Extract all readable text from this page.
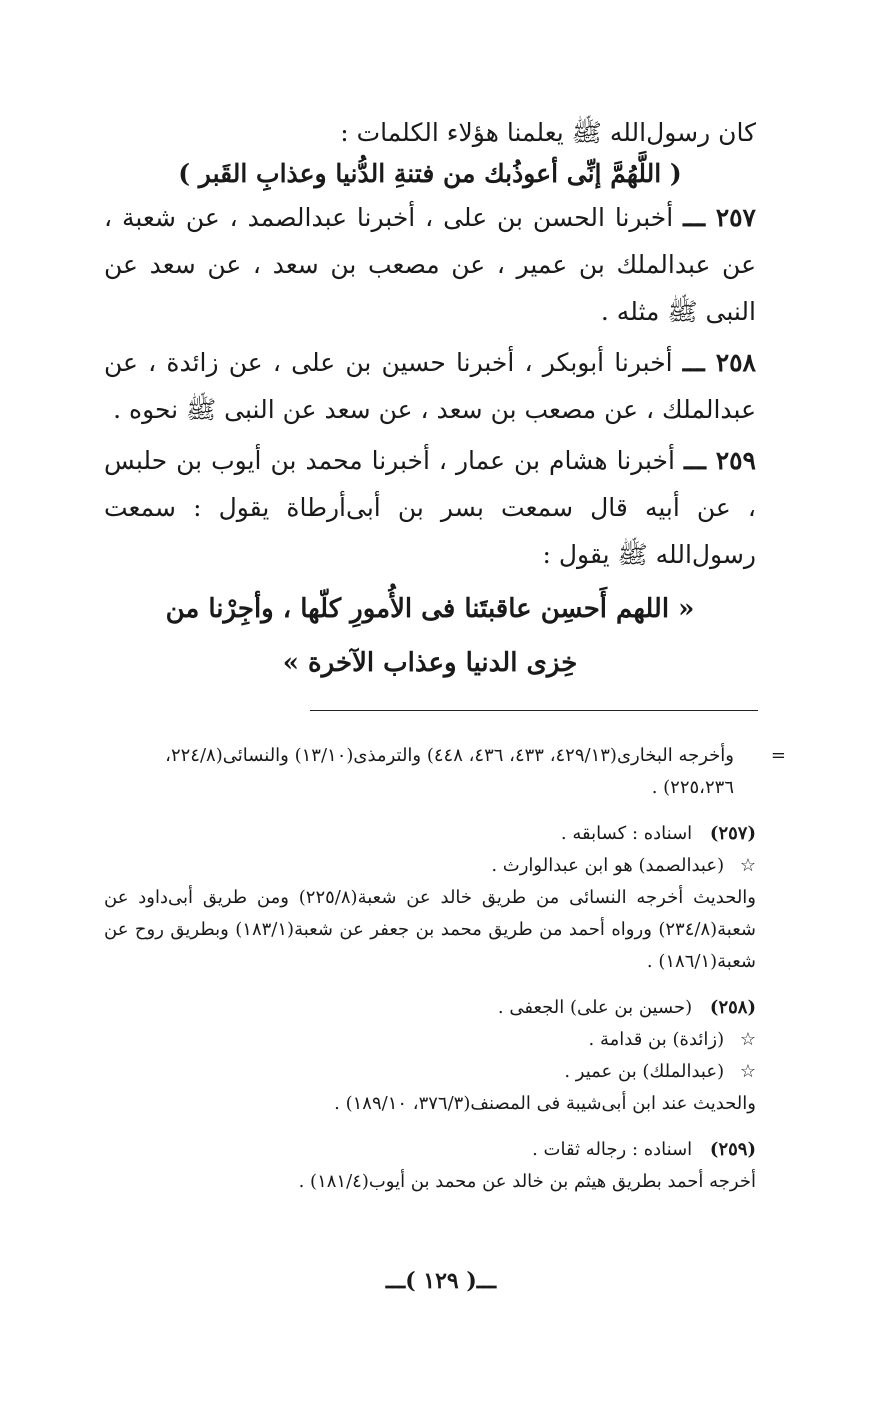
كان رسول‌الله ﷺ يعلمنا هؤلاء الكلمات :

( اللَّهُمَّ إنِّى أعوذُبك من فتنةِ الدُّنيا وعذابِ القَبر )

٢٥٧ ـــ أخبرنا الحسن بن على ، أخبرنا عبدالصمد ، عن شعبة ، عن عبدالملك بن عمير ، عن مصعب بن سعد ، عن سعد عن النبى ﷺ مثله .

٢٥٨ ـــ أخبرنا أبوبكر ، أخبرنا حسين بن على ، عن زائدة ، عن عبدالملك ، عن مصعب بن سعد ، عن سعد عن النبى ﷺ نحوه .

٢٥٩ ـــ أخبرنا هشام بن عمار ، أخبرنا محمد بن أيوب بن حلبس ، عن أبيه قال سمعت بسر بن أبى‌أرطاة يقول : سمعت رسول‌الله ﷺ يقول :

« اللهم أَحسِن عاقبتَنا فى الأُمورِ كلّها ، وأجِرْنا من
خِزى الدنيا وعذاب الآخرة »

=

وأخرجه البخارى(٤٢٩/١٣، ٤٣٣، ٤٣٦، ٤٤٨) والترمذى(١٣/١٠) والنسائى(٢٢٤/٨،

٢٢٥،٢٣٦) .

(٢٥٧) اسناده : كسابقه .

☆ (عبدالصمد) هو ابن عبدالوارث .

والحديث أخرجه النسائى من طريق خالد عن شعبة(٢٢٥/٨) ومن طريق أبى‌داود عن شعبة(٢٣٤/٨) ورواه أحمد من طريق محمد بن جعفر عن شعبة(١٨٣/١) وبطريق روح عن شعبة(١٨٦/١) .

(٢٥٨) (حسين بن على) الجعفى .

☆ (زائدة) بن قدامة .

☆ (عبدالملك) بن عمير .

والحديث عند ابن أبى‌شيبة فى المصنف(٣٧٦/٣، ١٨٩/١٠) .

(٢٥٩) اسناده : رجاله ثقات .

أخرجه أحمد بطريق هيثم بن خالد عن محمد بن أيوب(١٨١/٤) .

ـــ( ١٢٩ )ـــ
